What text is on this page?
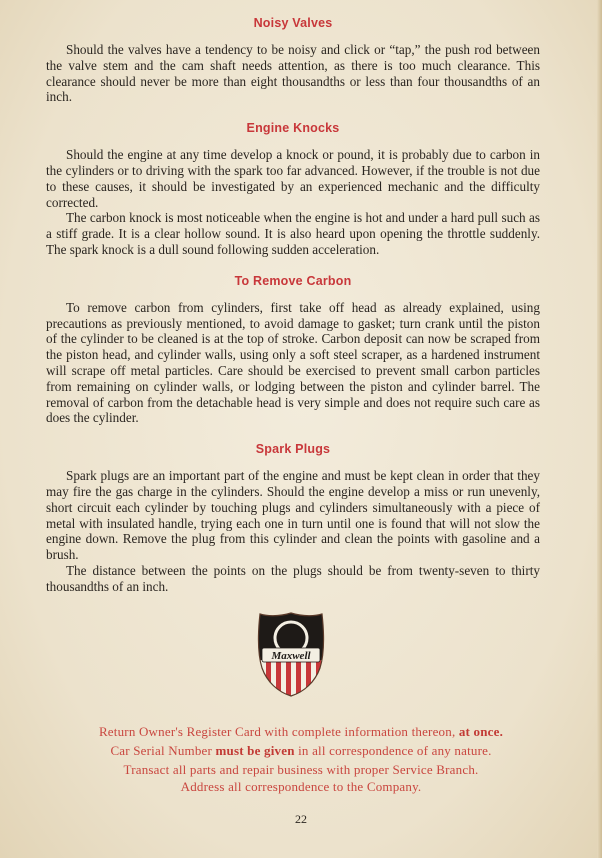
Noisy Valves

Should the valves have a tendency to be noisy and click or “tap,” the push rod between the valve stem and the cam shaft needs attention, as there is too much clearance. This clearance should never be more than eight thousandths or less than four thousandths of an inch.

Engine Knocks

Should the engine at any time develop a knock or pound, it is probably due to carbon in the cylinders or to driving with the spark too far advanced. However, if the trouble is not due to these causes, it should be investigated by an experienced mechanic and the difficulty corrected.

The carbon knock is most noticeable when the engine is hot and under a hard pull such as a stiff grade. It is a clear hollow sound. It is also heard upon opening the throttle suddenly. The spark knock is a dull sound following sudden acceleration.

To Remove Carbon

To remove carbon from cylinders, first take off head as already explained, using precautions as previously mentioned, to avoid damage to gasket; turn crank until the piston of the cylinder to be cleaned is at the top of stroke. Carbon deposit can now be scraped from the piston head, and cylinder walls, using only a soft steel scraper, as a hardened instrument will scrape off metal particles. Care should be exercised to prevent small carbon particles from remaining on cylinder walls, or lodging between the piston and cylinder barrel. The removal of carbon from the detachable head is very simple and does not require such care as does the cylinder.

Spark Plugs

Spark plugs are an important part of the engine and must be kept clean in order that they may fire the gas charge in the cylinders. Should the engine develop a miss or run unevenly, short circuit each cylinder by touching plugs and cylinders simultaneously with a piece of metal with insulated handle, trying each one in turn until one is found that will not slow the engine down. Remove the plug from this cylinder and clean the points with gasoline and a brush.

The distance between the points on the plugs should be from twenty-seven to thirty thousandths of an inch.

Maxwell
Return Owner's Register Card with complete information thereon, at once.
Car Serial Number must be given in all correspondence of any nature.
Transact all parts and repair business with proper Service Branch.
Address all correspondence to the Company.
22
